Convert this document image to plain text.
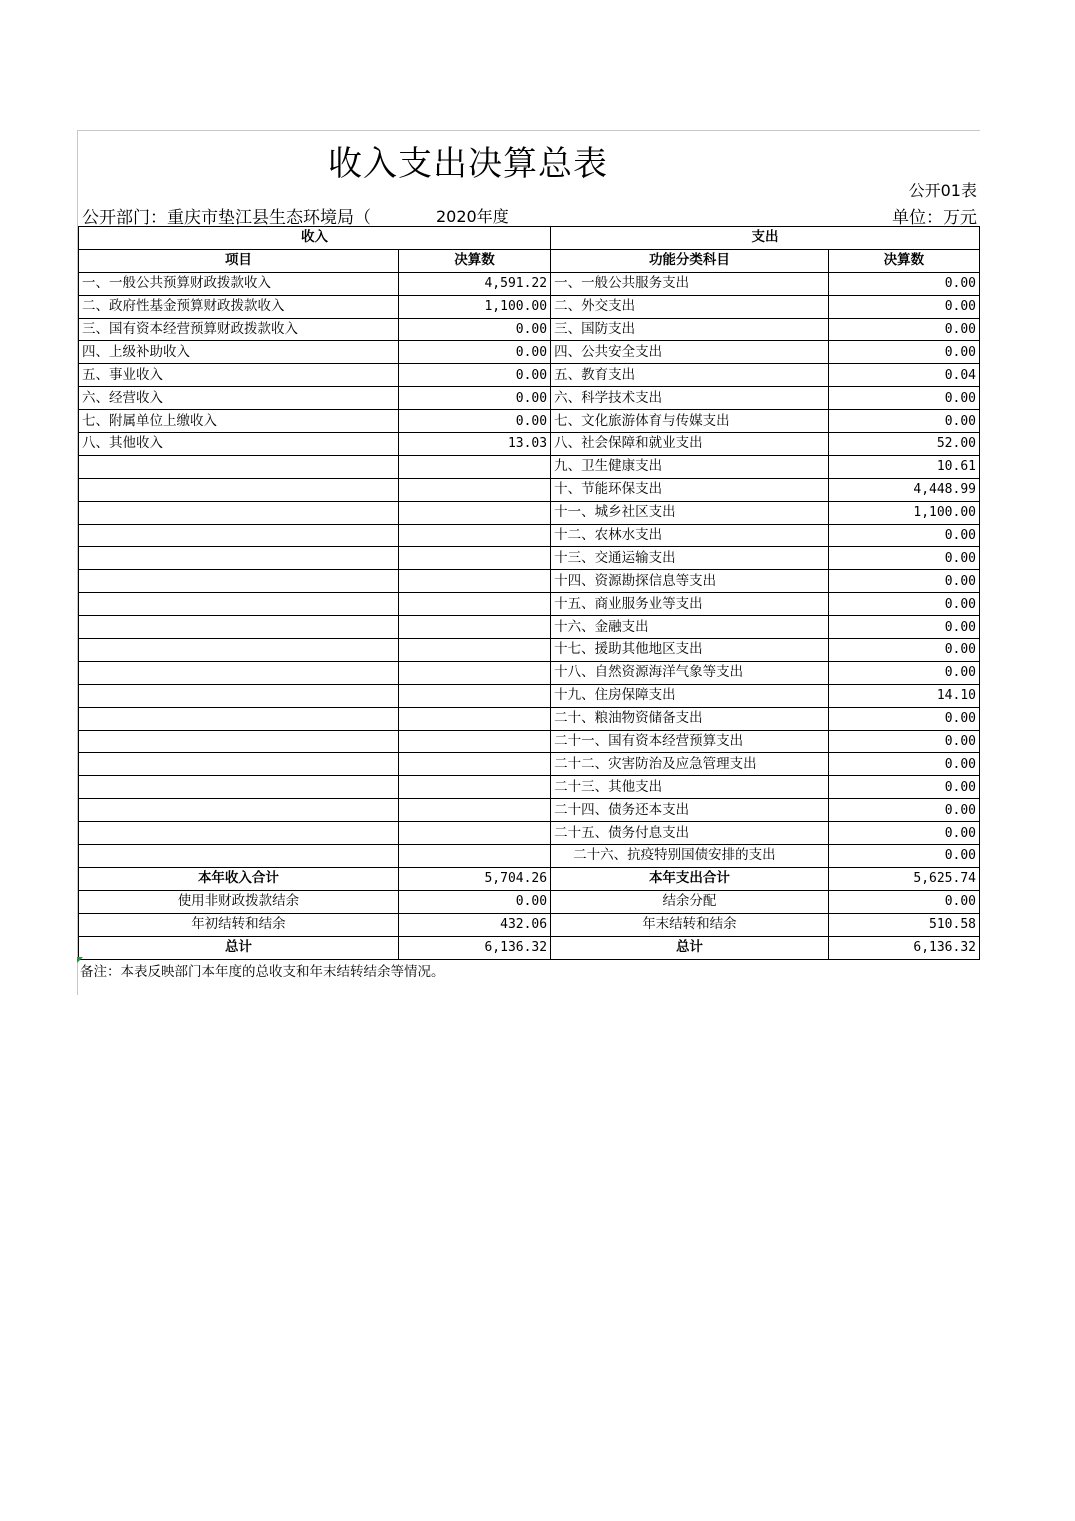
收入支出决算总表
公开01表
公开部门：重庆市垫江县生态环境局（	2020年度	单位：万元
收入		支出	
项目	决算数	功能分类科目	决算数
一、一般公共预算财政拨款收入	4,591.22	一、一般公共服务支出	0.00
二、政府性基金预算财政拨款收入	1,100.00	二、外交支出	0.00
三、国有资本经营预算财政拨款收入	0.00	三、国防支出	0.00
四、上级补助收入	0.00	四、公共安全支出	0.00
五、事业收入	0.00	五、教育支出	0.04
六、经营收入	0.00	六、科学技术支出	0.00
七、附属单位上缴收入	0.00	七、文化旅游体育与传媒支出	0.00
八、其他收入	13.03	八、社会保障和就业支出	52.00
		九、卫生健康支出	10.61
		十、节能环保支出	4,448.99
		十一、城乡社区支出	1,100.00
		十二、农林水支出	0.00
		十三、交通运输支出	0.00
		十四、资源勘探信息等支出	0.00
		十五、商业服务业等支出	0.00
		十六、金融支出	0.00
		十七、援助其他地区支出	0.00
		十八、自然资源海洋气象等支出	0.00
		十九、住房保障支出	14.10
		二十、粮油物资储备支出	0.00
		二十一、国有资本经营预算支出	0.00
		二十二、灾害防治及应急管理支出	0.00
		二十三、其他支出	0.00
		二十四、债务还本支出	0.00
		二十五、债务付息支出	0.00
		二十六、抗疫特别国债安排的支出	0.00
本年收入合计	5,704.26	本年支出合计	5,625.74
使用非财政拨款结余	0.00	结余分配	0.00
年初结转和结余	432.06	年末结转和结余	510.58
总计	6,136.32	总计	6,136.32
备注：本表反映部门本年度的总收支和年末结转结余等情况。
